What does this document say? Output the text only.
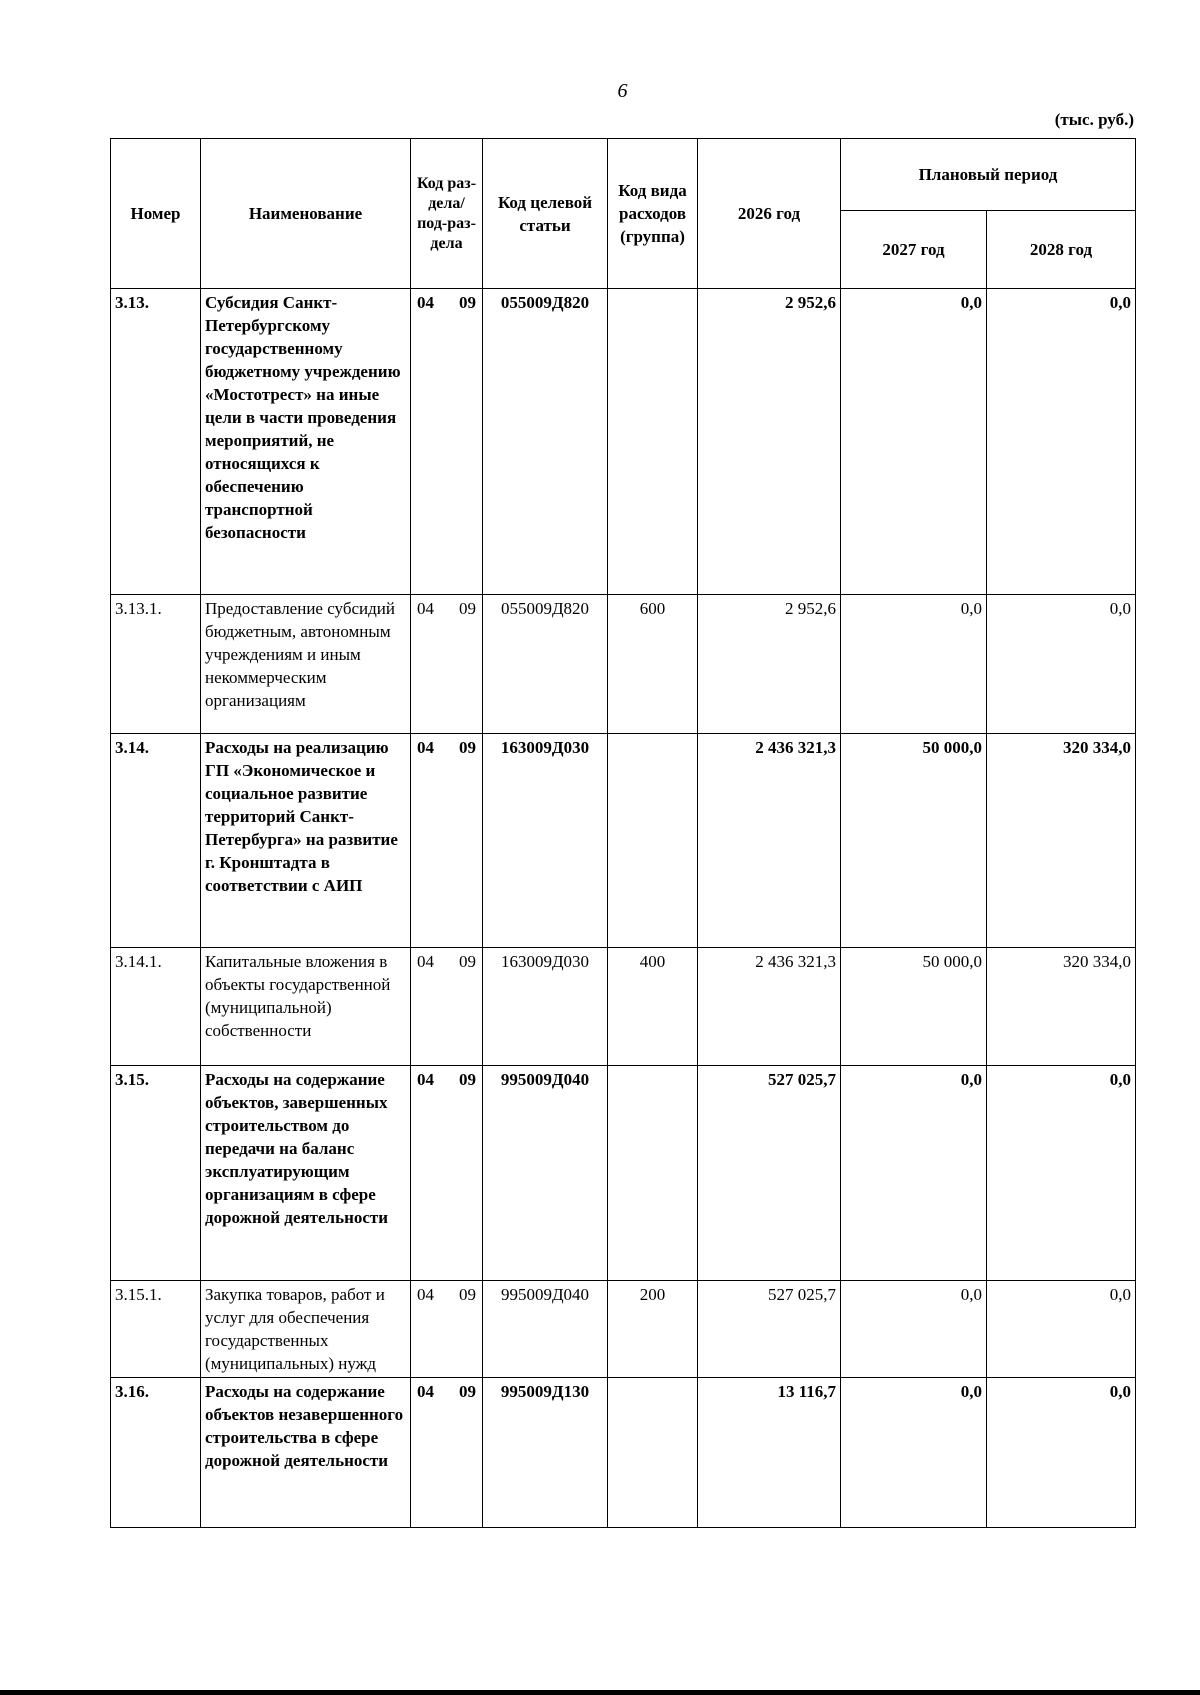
6
(тыс. руб.)
Номер	Наименование	Код раз-дела/ под-раз-дела	Код целевой статьи	Код вида расходов (группа)	2026 год	Плановый период	
						2027 год	2028 год
3.13.	Субсидия Санкт-Петербургскому государственному бюджетному учреждению «Мостотрест» на иные цели в части проведения мероприятий, не относящихся к обеспечению транспортной безопасности	04 09	055009Д820		2 952,6	0,0	0,0
3.13.1.	Предоставление субсидий бюджетным, автономным учреждениям и иным некоммерческим организациям	04 09	055009Д820	600	2 952,6	0,0	0,0
3.14.	Расходы на реализацию ГП «Экономическое и социальное развитие территорий Санкт-Петербурга» на развитие г. Кронштадта в соответствии с АИП	04 09	163009Д030		2 436 321,3	50 000,0	320 334,0
3.14.1.	Капитальные вложения в объекты государственной (муниципальной) собственности	04 09	163009Д030	400	2 436 321,3	50 000,0	320 334,0
3.15.	Расходы на содержание объектов, завершенных строительством до передачи на баланс эксплуатирующим организациям в сфере дорожной деятельности	04 09	995009Д040		527 025,7	0,0	0,0
3.15.1.	Закупка товаров, работ и услуг для обеспечения государственных (муниципальных) нужд	04 09	995009Д040	200	527 025,7	0,0	0,0
3.16.	Расходы на содержание объектов незавершенного строительства в сфере дорожной деятельности	04 09	995009Д130		13 116,7	0,0	0,0
